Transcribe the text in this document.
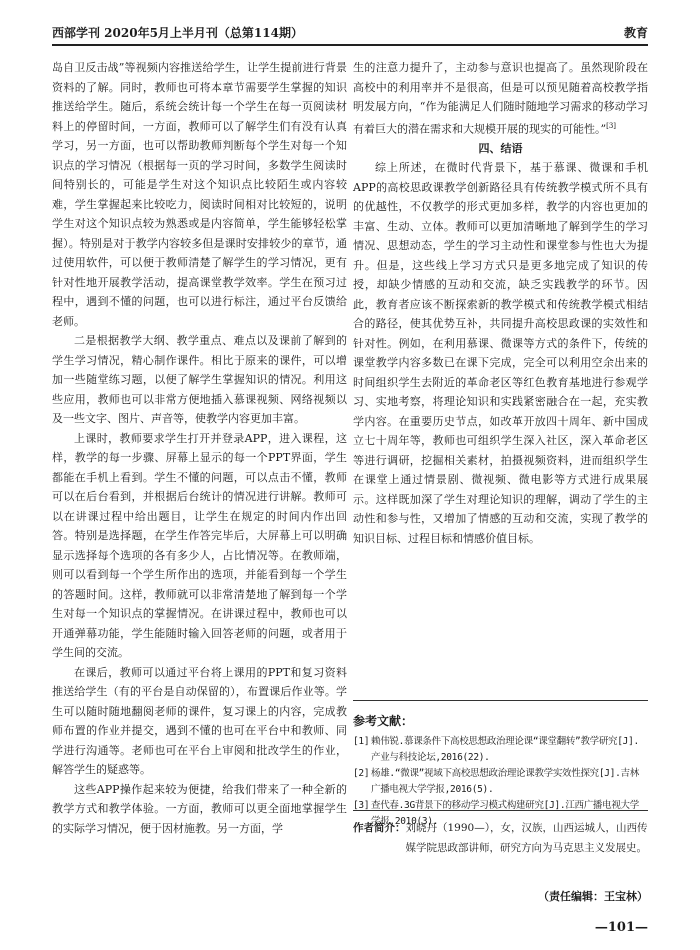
西部学刊 2020年5月上半月刊（总第114期）	教育

岛自卫反击战”等视频内容推送给学生，让学生提前进行背景资料的了解。同时，教师也可将本章节需要学生掌握的知识推送给学生。随后，系统会统计每一个学生在每一页阅读材料上的停留时间，一方面，教师可以了解学生们有没有认真学习，另一方面，也可以帮助教师判断每个学生对每一个知识点的学习情况（根据每一页的学习时间，多数学生阅读时间特别长的，可能是学生对这个知识点比较陌生或内容较难，学生掌握起来比较吃力，阅读时间相对比较短的，说明学生对这个知识点较为熟悉或是内容简单，学生能够轻松掌握）。特别是对于教学内容较多但是课时安排较少的章节，通过使用软件，可以便于教师清楚了解学生的学习情况，更有针对性地开展教学活动，提高课堂教学效率。学生在预习过程中，遇到不懂的问题，也可以进行标注，通过平台反馈给老师。

二是根据教学大纲、教学重点、难点以及课前了解到的学生学习情况，精心制作课件。相比于原来的课件，可以增加一些随堂练习题，以便了解学生掌握知识的情况。利用这些应用，教师也可以非常方便地插入慕课视频、网络视频以及一些文字、图片、声音等，使教学内容更加丰富。

上课时，教师要求学生打开并登录APP，进入课程，这样，教学的每一步骤、屏幕上显示的每一个PPT界面，学生都能在手机上看到。学生不懂的问题，可以点击不懂，教师可以在后台看到，并根据后台统计的情况进行讲解。教师可以在讲课过程中给出题目，让学生在规定的时间内作出回答。特别是选择题，在学生作答完毕后，大屏幕上可以明确显示选择每个选项的各有多少人，占比情况等。在教师端，则可以看到每一个学生所作出的选项，并能看到每一个学生的答题时间。这样，教师就可以非常清楚地了解到每一个学生对每一个知识点的掌握情况。在讲课过程中，教师也可以开通弹幕功能，学生能随时输入回答老师的问题，或者用于学生间的交流。

在课后，教师可以通过平台将上课用的PPT和复习资料推送给学生（有的平台是自动保留的），布置课后作业等。学生可以随时随地翻阅老师的课件，复习课上的内容，完成教师布置的作业并提交，遇到不懂的也可在平台中和教师、同学进行沟通等。老师也可在平台上审阅和批改学生的作业，解答学生的疑惑等。

这些APP操作起来较为便捷，给我们带来了一种全新的教学方式和教学体验。一方面，教师可以更全面地掌握学生的实际学习情况，便于因材施教。另一方面，学

生的注意力提升了，主动参与意识也提高了。虽然现阶段在高校中的利用率并不是很高，但是可以预见随着高校教学指明发展方向，“作为能满足人们随时随地学习需求的移动学习有着巨大的潜在需求和大规模开展的现实的可能性。”[3]

四、结语

综上所述，在微时代背景下，基于慕课、微课和手机APP的高校思政课教学创新路径具有传统教学模式所不具有的优越性，不仅教学的形式更加多样，教学的内容也更加的丰富、生动、立体。教师可以更加清晰地了解到学生的学习情况、思想动态，学生的学习主动性和课堂参与性也大为提升。但是，这些线上学习方式只是更多地完成了知识的传授，却缺少情感的互动和交流，缺乏实践教学的环节。因此，教育者应该不断探索新的教学模式和传统教学模式相结合的路径，使其优势互补，共同提升高校思政课的实效性和针对性。例如，在利用慕课、微课等方式的条件下，传统的课堂教学内容多数已在课下完成，完全可以利用空余出来的时间组织学生去附近的革命老区等红色教育基地进行参观学习、实地考察，将理论知识和实践紧密融合在一起，充实教学内容。在重要历史节点，如改革开放四十周年、新中国成立七十周年等，教师也可组织学生深入社区，深入革命老区等进行调研，挖掘相关素材，拍摄视频资料，进而组织学生在课堂上通过情景剧、微视频、微电影等方式进行成果展示。这样既加深了学生对理论知识的理解，调动了学生的主动性和参与性，又增加了情感的互动和交流，实现了教学的知识目标、过程目标和情感价值目标。

参考文献：
[1] 赖伟锐.慕课条件下高校思想政治理论课“课堂翻转”教学研究[J].产业与科技论坛,2016(22).
[2] 杨雄.“微课”视域下高校思想政治理论课教学实效性探究[J].吉林广播电视大学学报,2016(5).
[3] 查代春.3G背景下的移动学习模式构建研究[J].江西广播电视大学学报,2010(3).
作者简介： 刘晓丹（1990—），女，汉族，山西运城人，山西传媒学院思政部讲师，研究方向为马克思主义发展史。
（责任编辑：王宝林）
—101—
